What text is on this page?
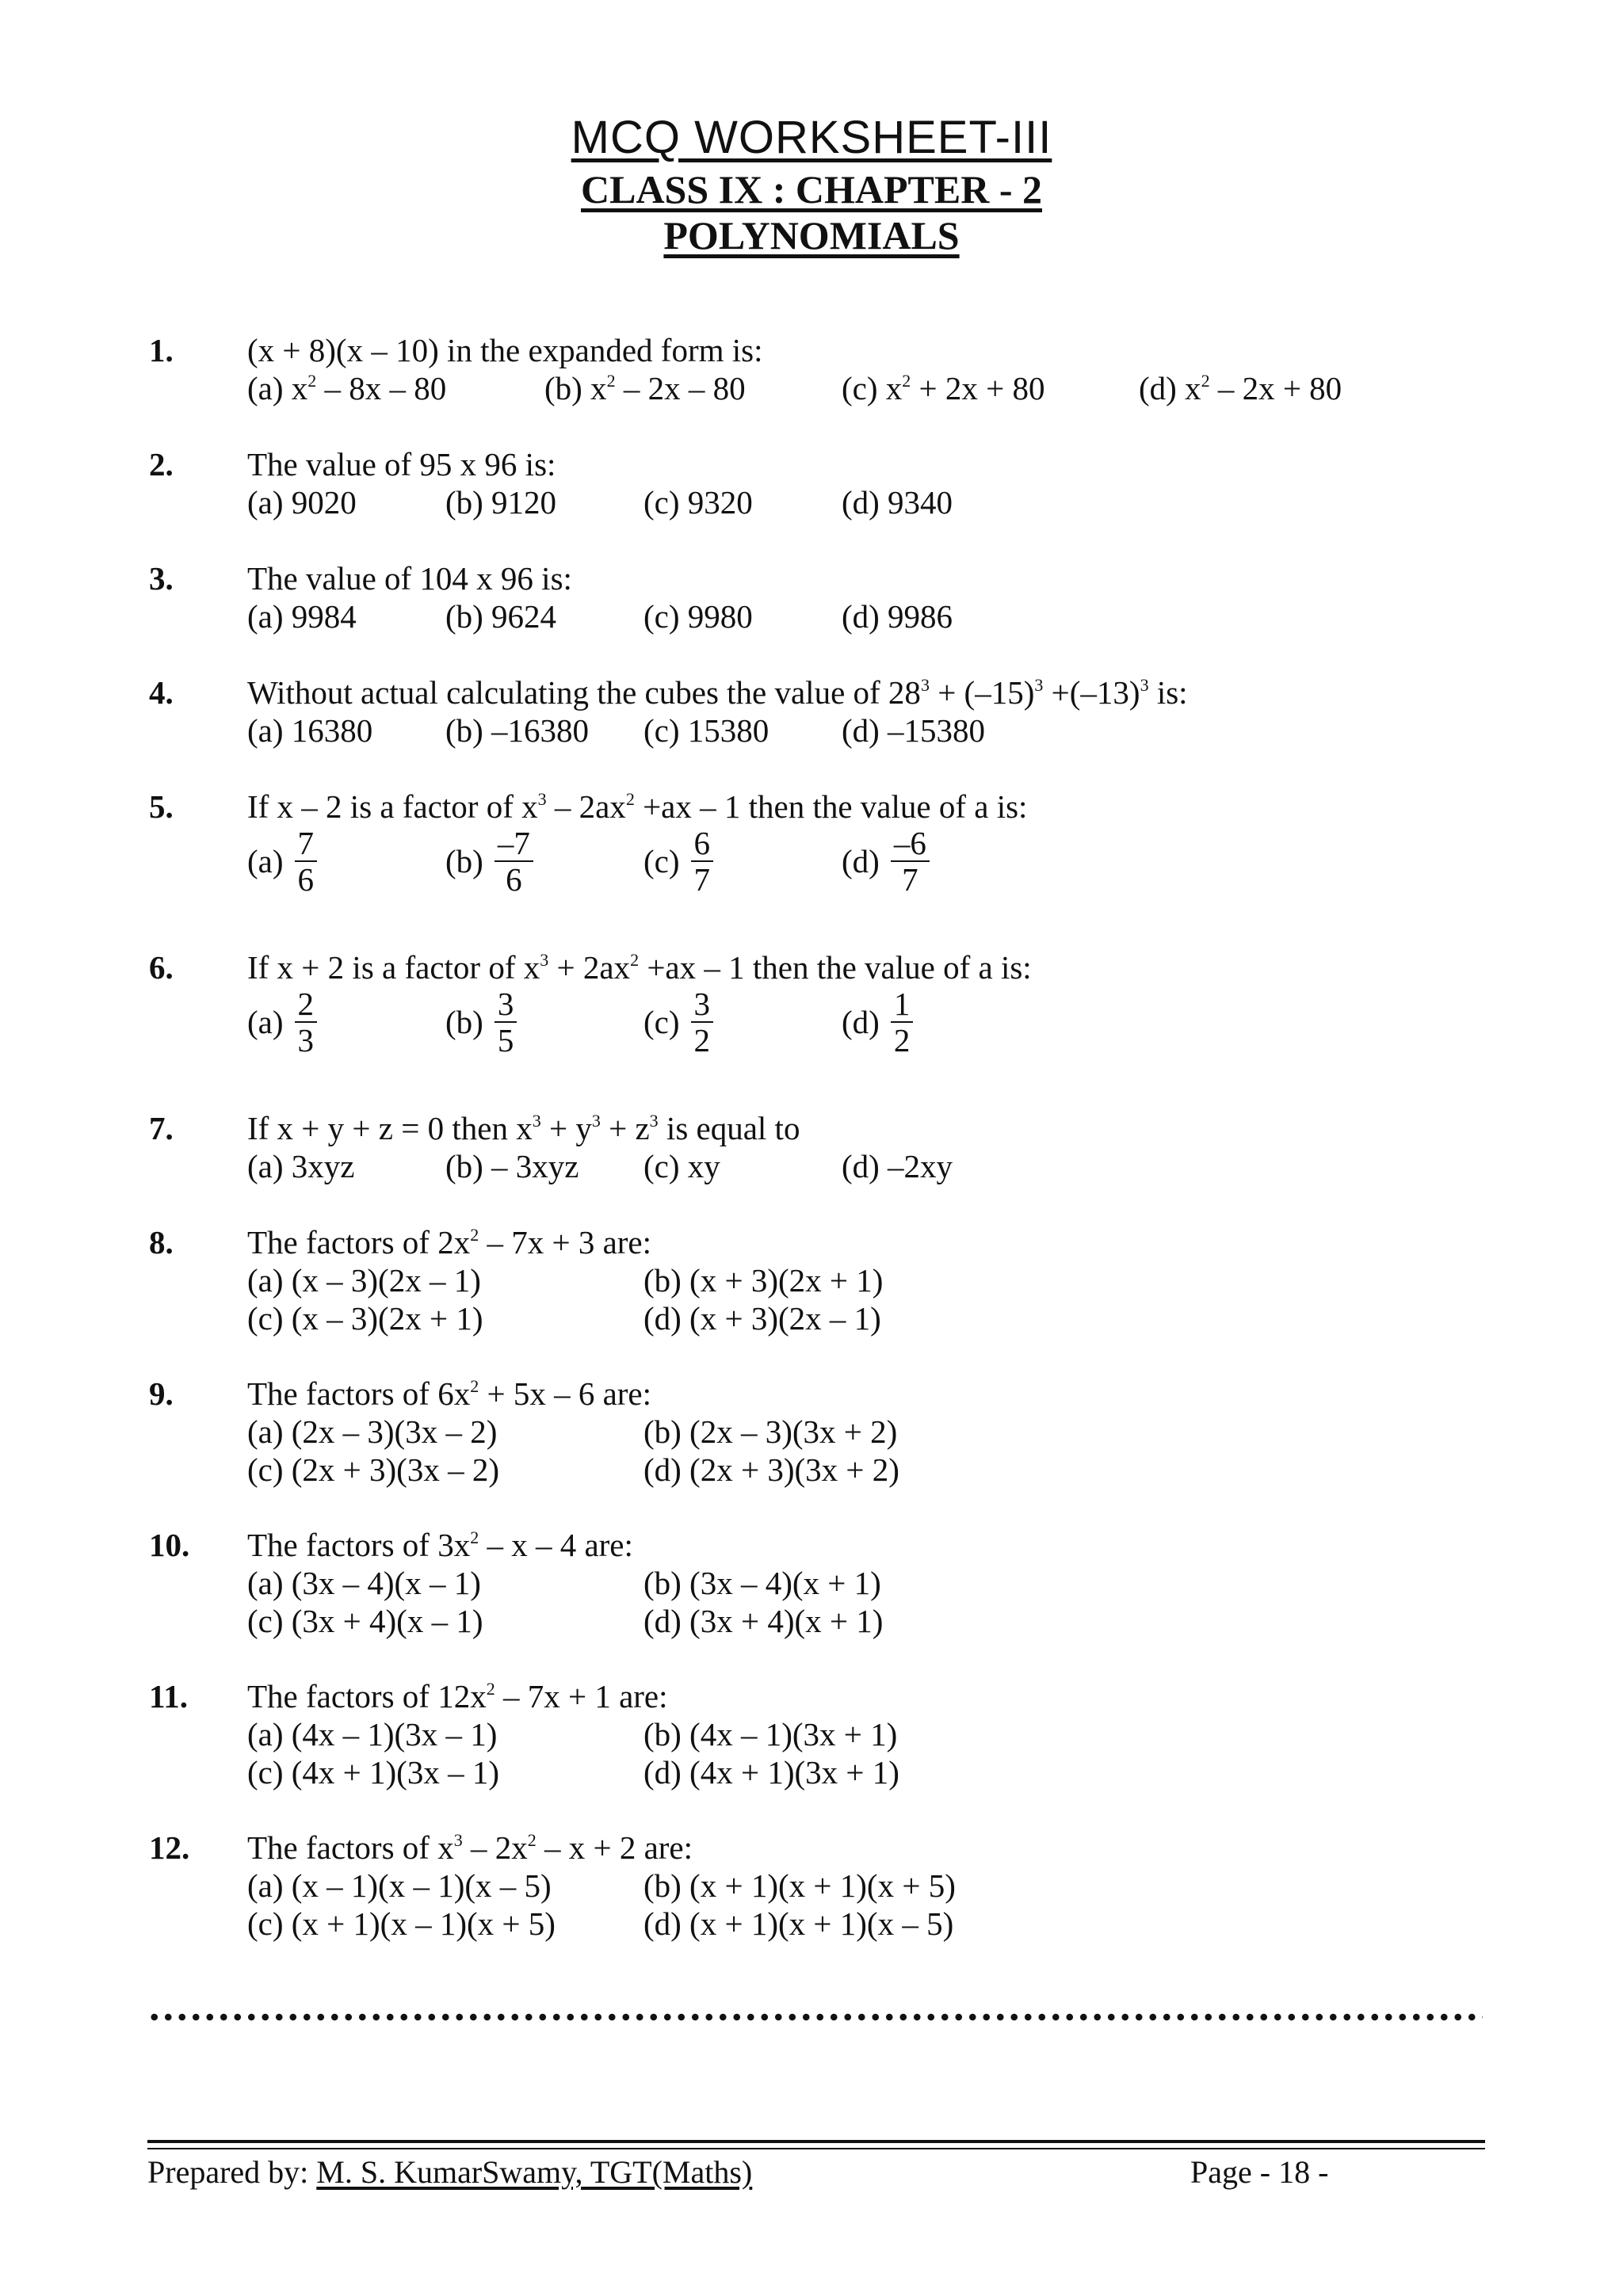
MCQ WORKSHEET-III
CLASS IX : CHAPTER - 2
POLYNOMIALS
1. (x + 8)(x – 10) in the expanded form is:
(a) $x^2 - 8x - 80$	(b) $x^2 - 2x - 80$	(c) $x^2 + 2x + 80$	(d) $x^2 - 2x + 80$
2. The value of 95 x 96 is:
(a) 9020	(b) 9120	(c) 9320	(d) 9340
3. The value of 104 x 96 is:
(a) 9984	(b) 9624	(c) 9980	(d) 9986
4. Without actual calculating the cubes the value of $28^3 + (-15)^3 +(-13)^3$ is:
(a) 16380 (b) –16380 (c) 15380 (d) –15380
5. If x – 2 is a factor of $x^3 - 2ax^2 +ax - 1$ then the value of a is:
$(a) \frac{7}{6}$	$(b) \frac{-7}{6}$	$(c) \frac{6}{7}$	$(d) \frac{-6}{7}$
6. If x + 2 is a factor of $x^3 + 2ax^2 +ax - 1$ then the value of a is:
$(a) \frac{2}{3}$	$(b) \frac{3}{5}$	$(c) \frac{3}{2}$	$(d) \frac{1}{2}$
7. If x + y + z = 0 then $x^3 + y^3 + z^3$ is equal to
(a) 3xyz	(b) – 3xyz (c) xy	(d) –2xy
8. The factors of $2x^2 - 7x + 3$ are:
(a) (x – 3)(2x – 1)	(b) (x + 3)(2x + 1)
(c) (x – 3)(2x + 1)	(d) (x + 3)(2x – 1)
9. The factors of $6x^2 + 5x - 6$ are:
(a) (2x – 3)(3x – 2)	(b) (2x – 3)(3x + 2)
(c) (2x + 3)(3x – 2)	(d) (2x + 3)(3x + 2)
10. The factors of $3x^2$ – x – 4 are:
(a) (3x – 4)(x – 1)	(b) (3x – 4)(x + 1)
(c) (3x + 4)(x – 1)	(d) (3x + 4)(x + 1)
11. The factors of $12x^2 - 7x + 1$ are:
(a) (4x – 1)(3x – 1)	(b) (4x – 1)(3x + 1)
(c) (4x + 1)(3x – 1)	(d) (4x + 1)(3x + 1)
12. The factors of $x^3 - 2x^2 - x + 2$ are:
(a) (x – 1)(x – 1)(x – 5)	(b) (x + 1)(x + 1)(x + 5)
(c) (x + 1)(x – 1)(x + 5)	(d) (x + 1)(x + 1)(x – 5)
Prepared by: M. S. KumarSwamy, TGT(Maths)	Page - 18 -
